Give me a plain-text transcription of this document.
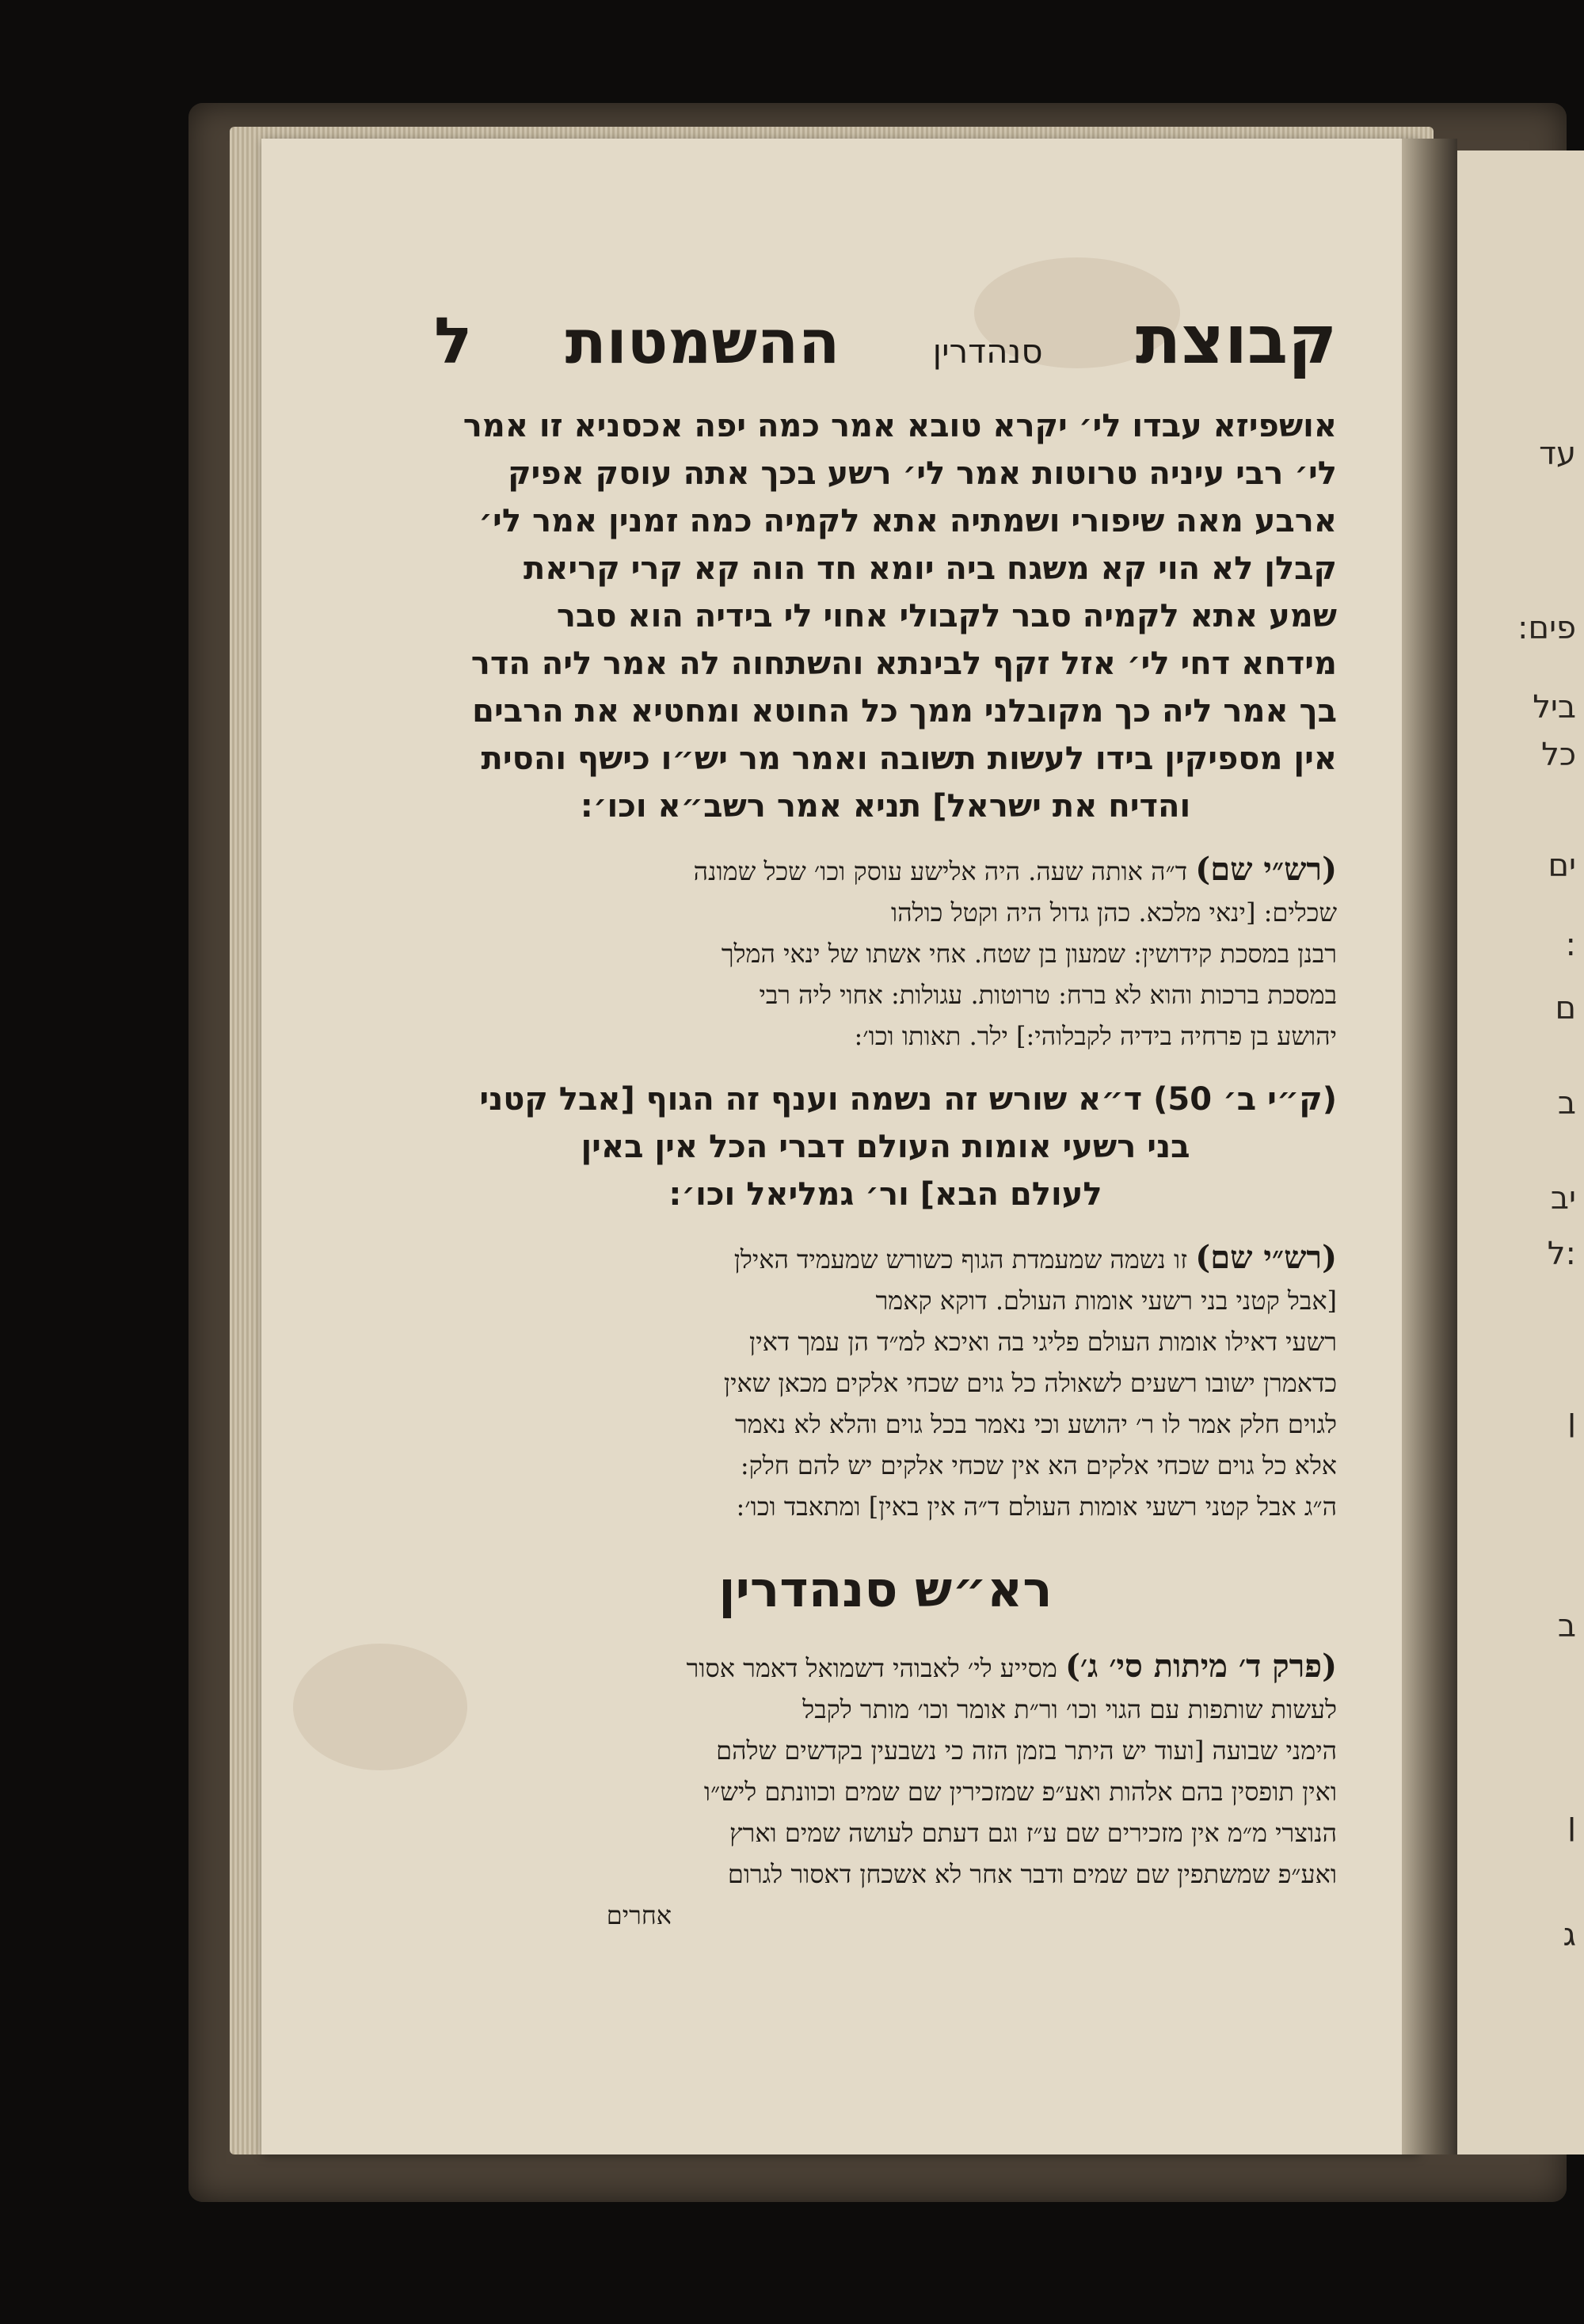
עד
פים:
ביל
כל
ים
:
ם
ב
יב
:ל
ן
ן
ב
ג
קבוצת
סנהדרין
ההשמטות
ל

אושפיזא עבדו לי׳ יקרא טובא אמר כמה יפה אכסניא זו אמר

לי׳ רבי עיניה טרוטות אמר לי׳ רשע בכך אתה עוסק אפיק

ארבע מאה שיפורי ושמתיה אתא לקמיה כמה זמנין אמר לי׳

קבלן לא הוי קא משגח ביה יומא חד הוה קא קרי קריאת

שמע אתא לקמיה סבר לקבולי אחוי לי בידיה הוא סבר

מידחא דחי לי׳ אזל זקף לבינתא והשתחוה לה אמר ליה הדר

בך אמר ליה כך מקובלני ממך כל החוטא ומחטיא את הרבים

אין מספיקין בידו לעשות תשובה ואמר מר יש״ו כישף והסית

והדיח את ישראל] תניא אמר רשב״א וכו׳:

(רש״י שם) ד״ה אותה שעה. היה אלישע עוסק וכו׳ שכל שמונה

שכלים: [ינאי מלכא. כהן גדול היה וקטל כולהו

רבנן במסכת קידושין: שמעון בן שטח. אחי אשתו של ינאי המלך

במסכת ברכות והוא לא ברח: טרוטות. עגולות: אחוי ליה רבי

יהושע בן פרחיה בידיה לקבלוהי:] ילר. תאותו וכו׳:

(ק״י ב׳ 50) ד״א שורש זה נשמה וענף זה הגוף [אבל קטני

בני רשעי אומות העולם דברי הכל אין באין

לעולם הבא] ור׳ גמליאל וכו׳:

(רש״י שם) זו נשמה שמעמדת הגוף כשורש שמעמיד האילן

[אבל קטני בני רשעי אומות העולם. דוקא קאמר

רשעי דאילו אומות העולם פליגי בה ואיכא למ״ד הן עמך דאין

כדאמרן ישובו רשעים לשאולה כל גוים שכחי אלקים מכאן שאין

לגוים חלק אמר לו ר׳ יהושע וכי נאמר בכל גוים והלא לא נאמר

אלא כל גוים שכחי אלקים הא אין שכחי אלקים יש להם חלק:

ה״ג אבל קטני רשעי אומות העולם ד״ה אין באין] ומתאבד וכו׳:

רא״ש סנהדרין

(פרק ד׳ מיתות סי׳ ג׳) מסייע לי׳ לאבוהי דשמואל דאמר אסור

לעשות שותפות עם הגוי וכו׳ ור״ת אומר וכו׳ מותר לקבל

הימני שבועה [ועוד יש היתר בזמן הזה כי נשבעין בקדשים שלהם

ואין תופסין בהם אלהות ואע״פ שמזכירין שם שמים וכוונתם ליש״ו

הנוצרי מ״מ אין מזכירים שם ע״ז וגם דעתם לעושה שמים וארץ

ואע״פ שמשתפין שם שמים ודבר אחר לא אשכחן דאסור לגרום

אחרים
